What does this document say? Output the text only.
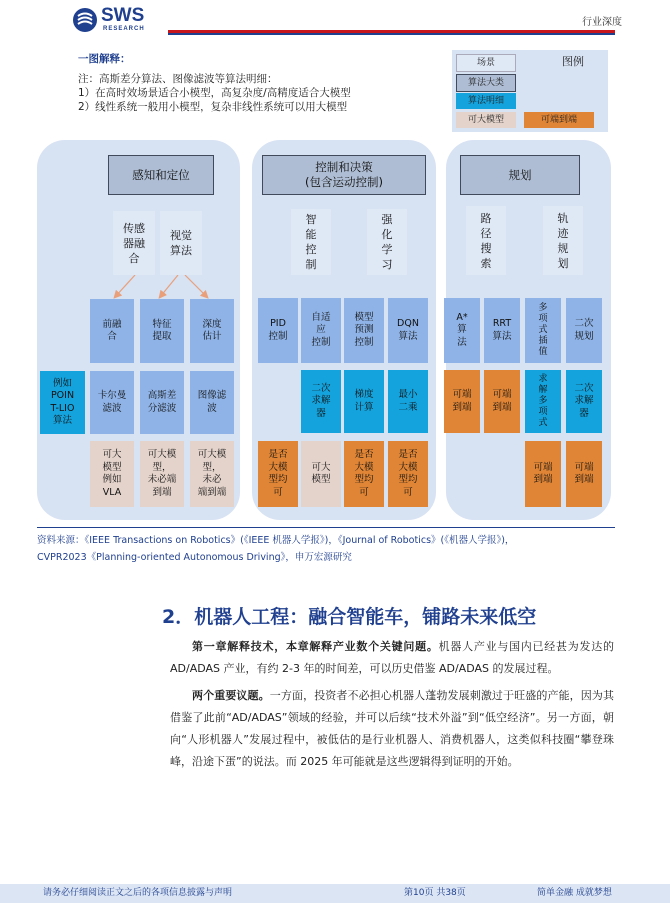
SWS
RESEARCH
行业深度
一图解释：
注：高斯差分算法、图像滤波等算法明细：
1）在高时效场景适合小模型，高复杂度/高精度适合大模型
2）线性系统一般用小模型，复杂非线性系统可以用大模型
图例
场景
算法大类
算法明细
可大模型	可端到端
感知和定位
传感
器融
合
视觉
算法
前融
合
特征
提取
深度
估计
例如
POIN
T-LIO
算法
卡尔曼
滤波
高斯差
分滤波
图像滤
波
可大
模型
例如
VLA
可大模
型，
未必端
到端
可大模
型，
未必
端到端
控制和决策
(包含运动控制)
智
能
控
制
强
化
学
习
PID
控制
自适
应
控制
模型
预测
控制
DQN
算法
二次
求解
器
梯度
计算
最小
二乘
是否
大模
型均
可
可大
模型
是否
大模
型均
可
是否
大模
型均
可
规划
路
径
搜
索
轨
迹
规
划
A*
算
法
RRT
算法
多
项
式
插
值
二次
规划
可端
到端
可端
到端
求
解
多
项
式
二次
求解
器
可端
到端
可端
到端
资料来源：《IEEE Transactions on Robotics》(《IEEE 机器人学报》)，《Journal of Robotics》(《机器人学报》)，
CVPR2023《Planning-oriented Autonomous Driving》，申万宏源研究
2．机器人工程：融合智能车，铺路未来低空
第一章解释技术，本章解释产业数个关键问题。机器人产业与国内已经甚为发达的AD/ADAS 产业，有约 2-3 年的时间差，可以历史借鉴 AD/ADAS 的发展过程。
两个重要议题。一方面，投资者不必担心机器人蓬勃发展刺激过于旺盛的产能，因为其借鉴了此前“AD/ADAS”领域的经验，并可以后续“技术外溢”到“低空经济”。另一方面，朝向“人形机器人”发展过程中，被低估的是行业机器人、消费机器人，这类似科技圈“攀登珠峰，沿途下蛋”的说法。而 2025 年可能就是这些逻辑得到证明的开始。
请务必仔细阅读正文之后的各项信息披露与声明	第10页 共38页	简单金融 成就梦想
